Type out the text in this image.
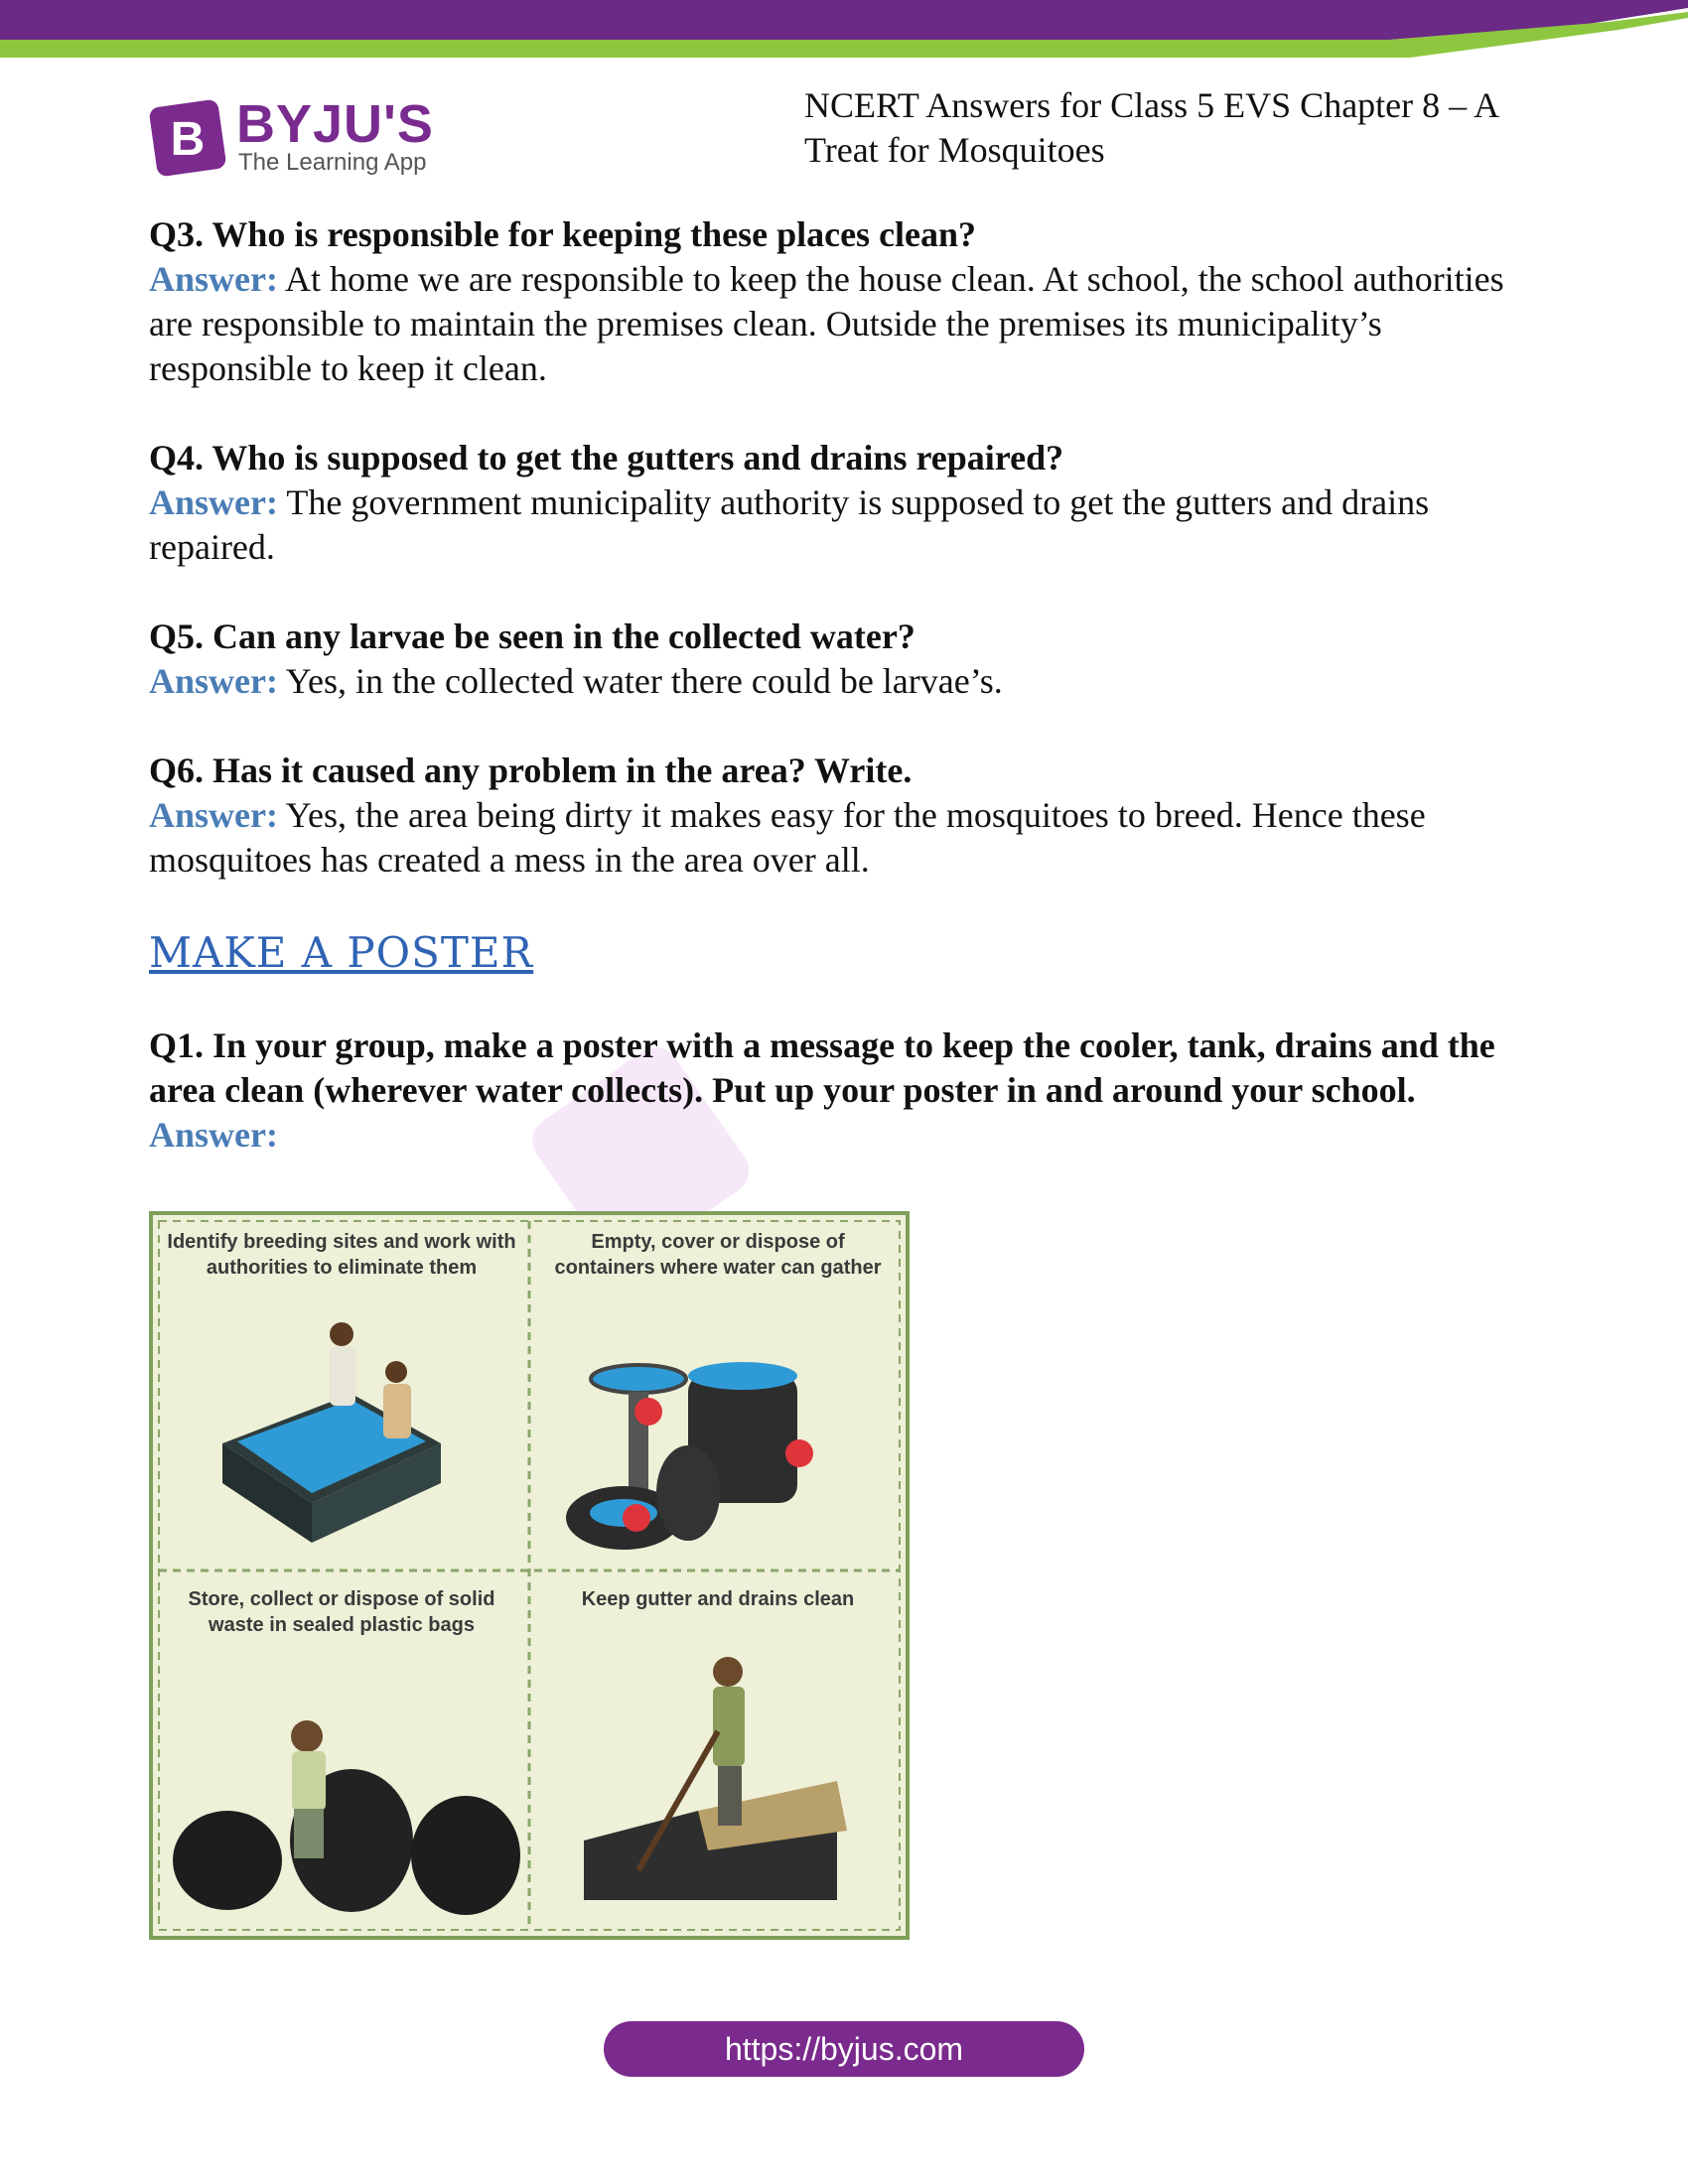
B BYJU'S
The Learning App
NCERT Answers for Class 5 EVS Chapter 8 – A
Treat for Mosquitoes
Q3. Who is responsible for keeping these places clean?
Answer: At home we are responsible to keep the house clean. At school, the school authorities are responsible to maintain the premises clean. Outside the premises its municipality’s responsible to keep it clean.
Q4. Who is supposed to get the gutters and drains repaired?
Answer: The government municipality authority is supposed to get the gutters and drains repaired.
Q5. Can any larvae be seen in the collected water?
Answer: Yes, in the collected water there could be larvae’s.
Q6. Has it caused any problem in the area? Write.
Answer: Yes, the area being dirty it makes easy for the mosquitoes to breed. Hence these mosquitoes has created a mess in the area over all.
MAKE A POSTER
Q1. In your group, make a poster with a message to keep the cooler, tank, drains and the area clean (wherever water collects). Put up your poster in and around your school.
Answer:
Identify breeding sites and work with authorities to eliminate them
Empty, cover or dispose of containers where water can gather
Store, collect or dispose of solid waste in sealed plastic bags
Keep gutter and drains clean
https://byjus.com
